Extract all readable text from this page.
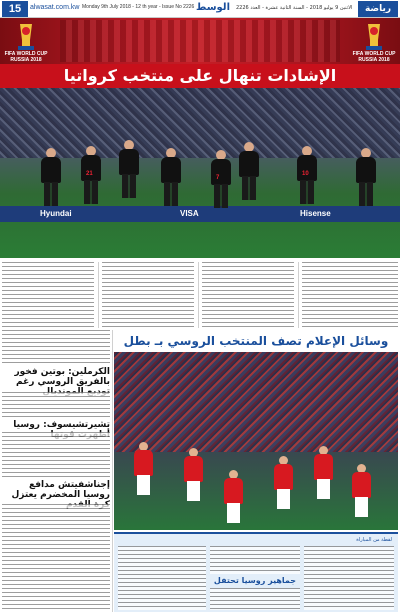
15	alwasat.com.kw Monday 9th July 2018 - 12 th year - Issue No 2226 الوسط الاثنين 9 يوليو 2018 - السنة الثانية عشرة - العدد 2226	رياضة
FIFA WORLD CUP RUSSIA 2018
FIFA WORLD CUP RUSSIA 2018
الإشادات تنهال على منتخب كرواتيا
Hyundai	VISA	Hisense
21
7
10
الكرملين: بوتين فخور بالفريق الروسي رغم
تشيرتشيسوف: روسيا
إجناشفيتش مدافع روسيا المخضرم يعتزل
وسائل الإعلام تصف المنتخب الروسي بـ بطل
لقطة من المباراة
جماهير روسيا تحتفل
